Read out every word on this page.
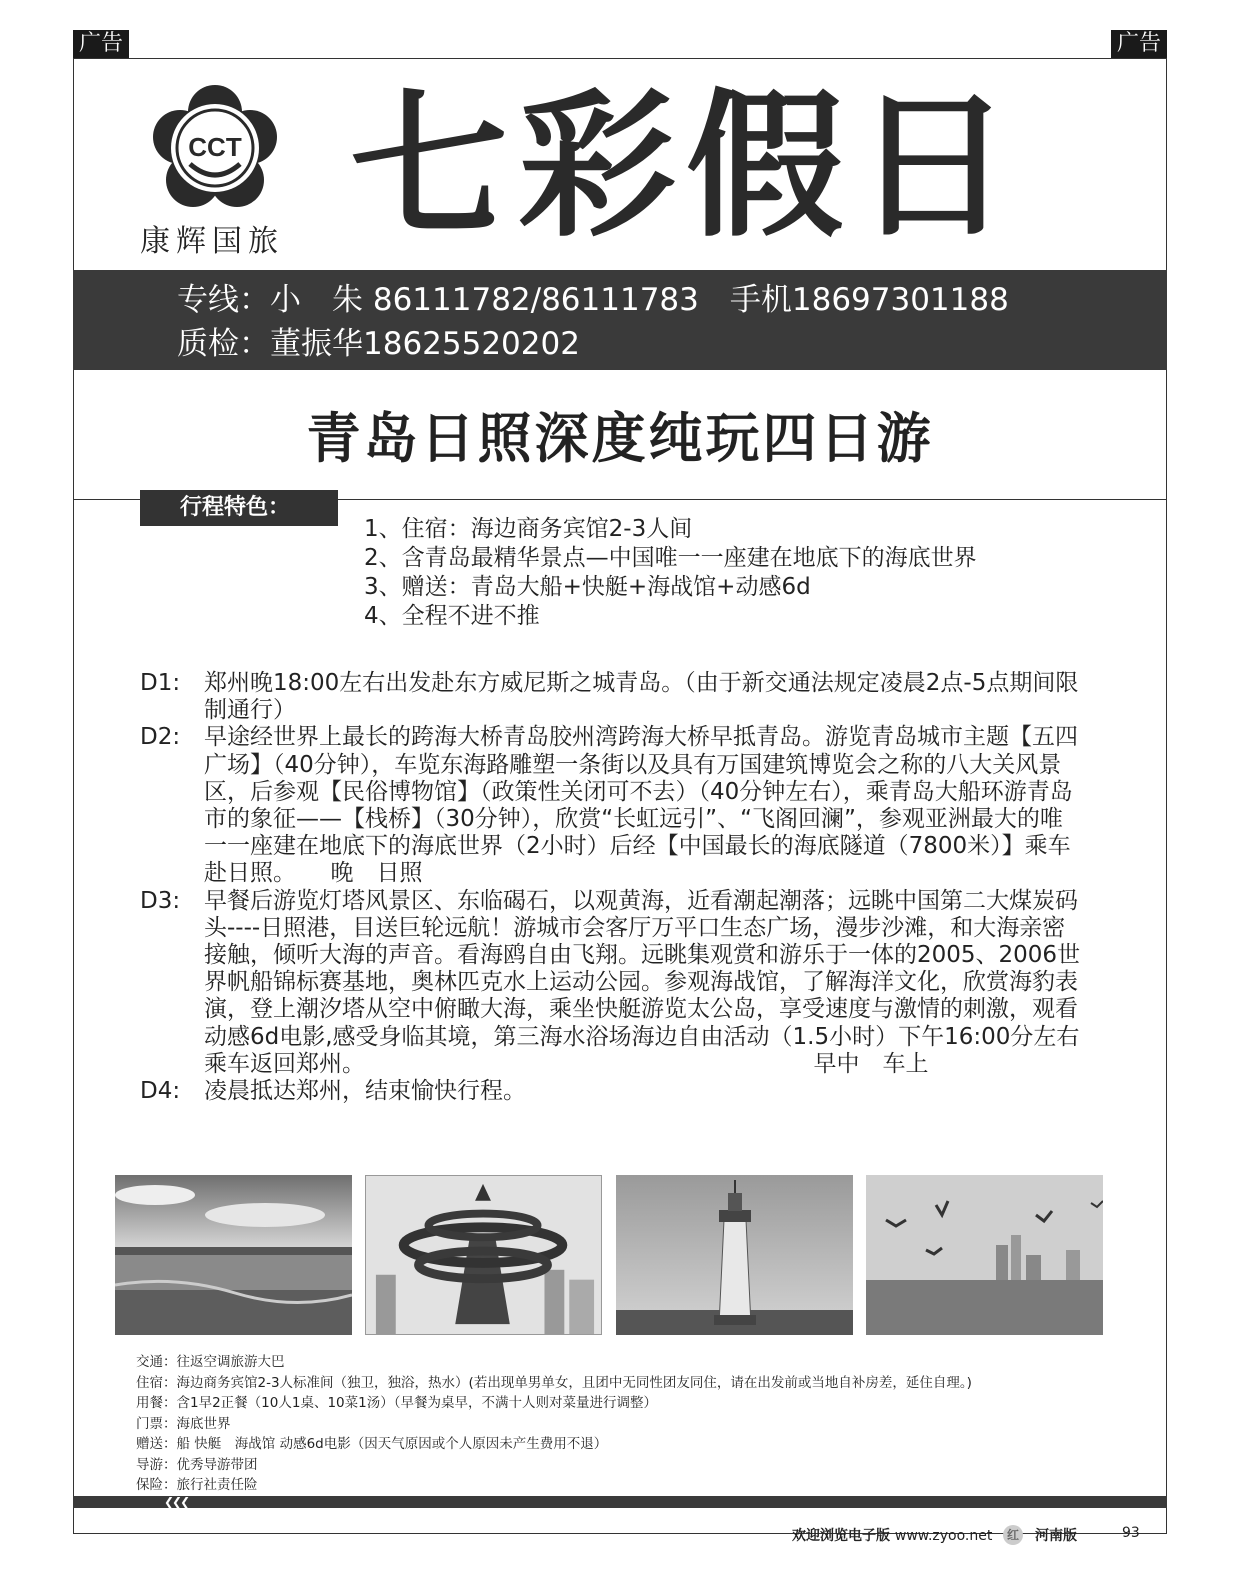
广告	广告
CCT
康辉国旅 七彩假日
专线：小　朱 86111782/86111783　手机18697301188
质检：董振华18625520202
青岛日照深度纯玩四日游
行程特色：
1、住宿：海边商务宾馆2-3人间
2、含青岛最精华景点—中国唯一一座建在地底下的海底世界
3、赠送：青岛大船+快艇+海战馆+动感6d
4、全程不进不推
D1:	郑州晚18:00左右出发赴东方威尼斯之城青岛。（由于新交通法规定凌晨2点-5点期间限制通行）
D2:	早途经世界上最长的跨海大桥青岛胶州湾跨海大桥早抵青岛。游览青岛城市主题【五四广场】（40分钟），车览东海路雕塑一条街以及具有万国建筑博览会之称的八大关风景区，后参观【民俗博物馆】（政策性关闭可不去）（40分钟左右），乘青岛大船环游青岛市的象征——【栈桥】（30分钟），欣赏“长虹远引”、“飞阁回澜”，参观亚洲最大的唯一一座建在地底下的海底世界（2小时）后经【中国最长的海底隧道（7800米）】乘车赴日照。　　晚　日照
D3:	早餐后游览灯塔风景区、东临碣石，以观黄海，近看潮起潮落；远眺中国第二大煤炭码头----日照港，目送巨轮远航！游城市会客厅万平口生态广场，漫步沙滩，和大海亲密接触，倾听大海的声音。看海鸥自由飞翔。远眺集观赏和游乐于一体的2005、2006世界帆船锦标赛基地，奥林匹克水上运动公园。参观海战馆，了解海洋文化，欣赏海豹表演，登上潮汐塔从空中俯瞰大海，乘坐快艇游览太公岛，享受速度与激情的刺激，观看动感6d电影,感受身临其境，第三海水浴场海边自由活动（1.5小时）下午16:00分左右乘车返回郑州。　　　　　　　　　　　　　　　　　　　　早中　车上
D4:	凌晨抵达郑州，结束愉快行程。
交通：往返空调旅游大巴
住宿：海边商务宾馆2-3人标准间（独卫，独浴，热水）(若出现单男单女，且团中无同性团友同住，请在出发前或当地自补房差，延住自理。)
用餐：含1早2正餐（10人1桌、10菜1汤）（早餐为桌早，不满十人则对菜量进行调整）
门票：海底世界
赠送：船 快艇　海战馆 动感6d电影（因天气原因或个人原因未产生费用不退）
导游：优秀导游带团
保险：旅行社责任险
❮❮❮
欢迎浏览电子版 www.zyoo.net	红 河南版	93
